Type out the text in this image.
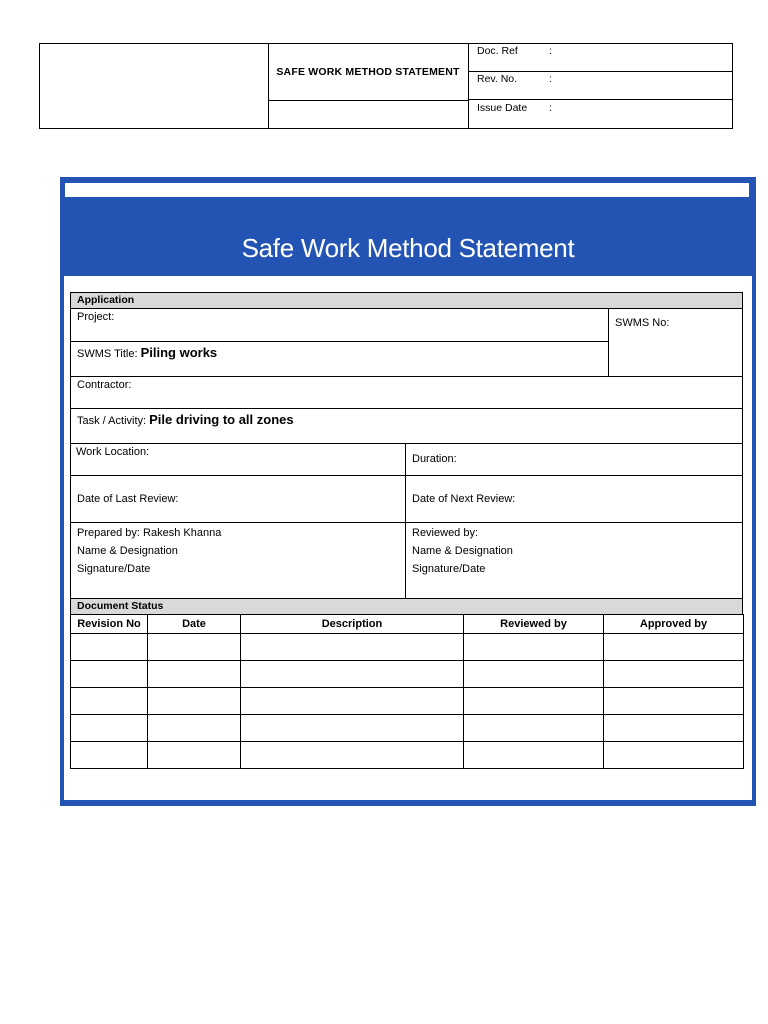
SAFE WORK METHOD STATEMENT
Doc. Ref	:
Rev. No.	:
Issue Date :
Safe Work Method Statement
Application
Project:	SWMS No:
SWMS Title: Piling works
Contractor:
Task / Activity: Pile driving to all zones
Work Location:
Duration:
Date of Last Review:	Date of Next Review:
Prepared by: Rakesh Khanna
Name & Designation
Signature/Date
Reviewed by:
Name & Designation
Signature/Date
Document Status
Revision No	Date	Description	Reviewed by	Approved by
